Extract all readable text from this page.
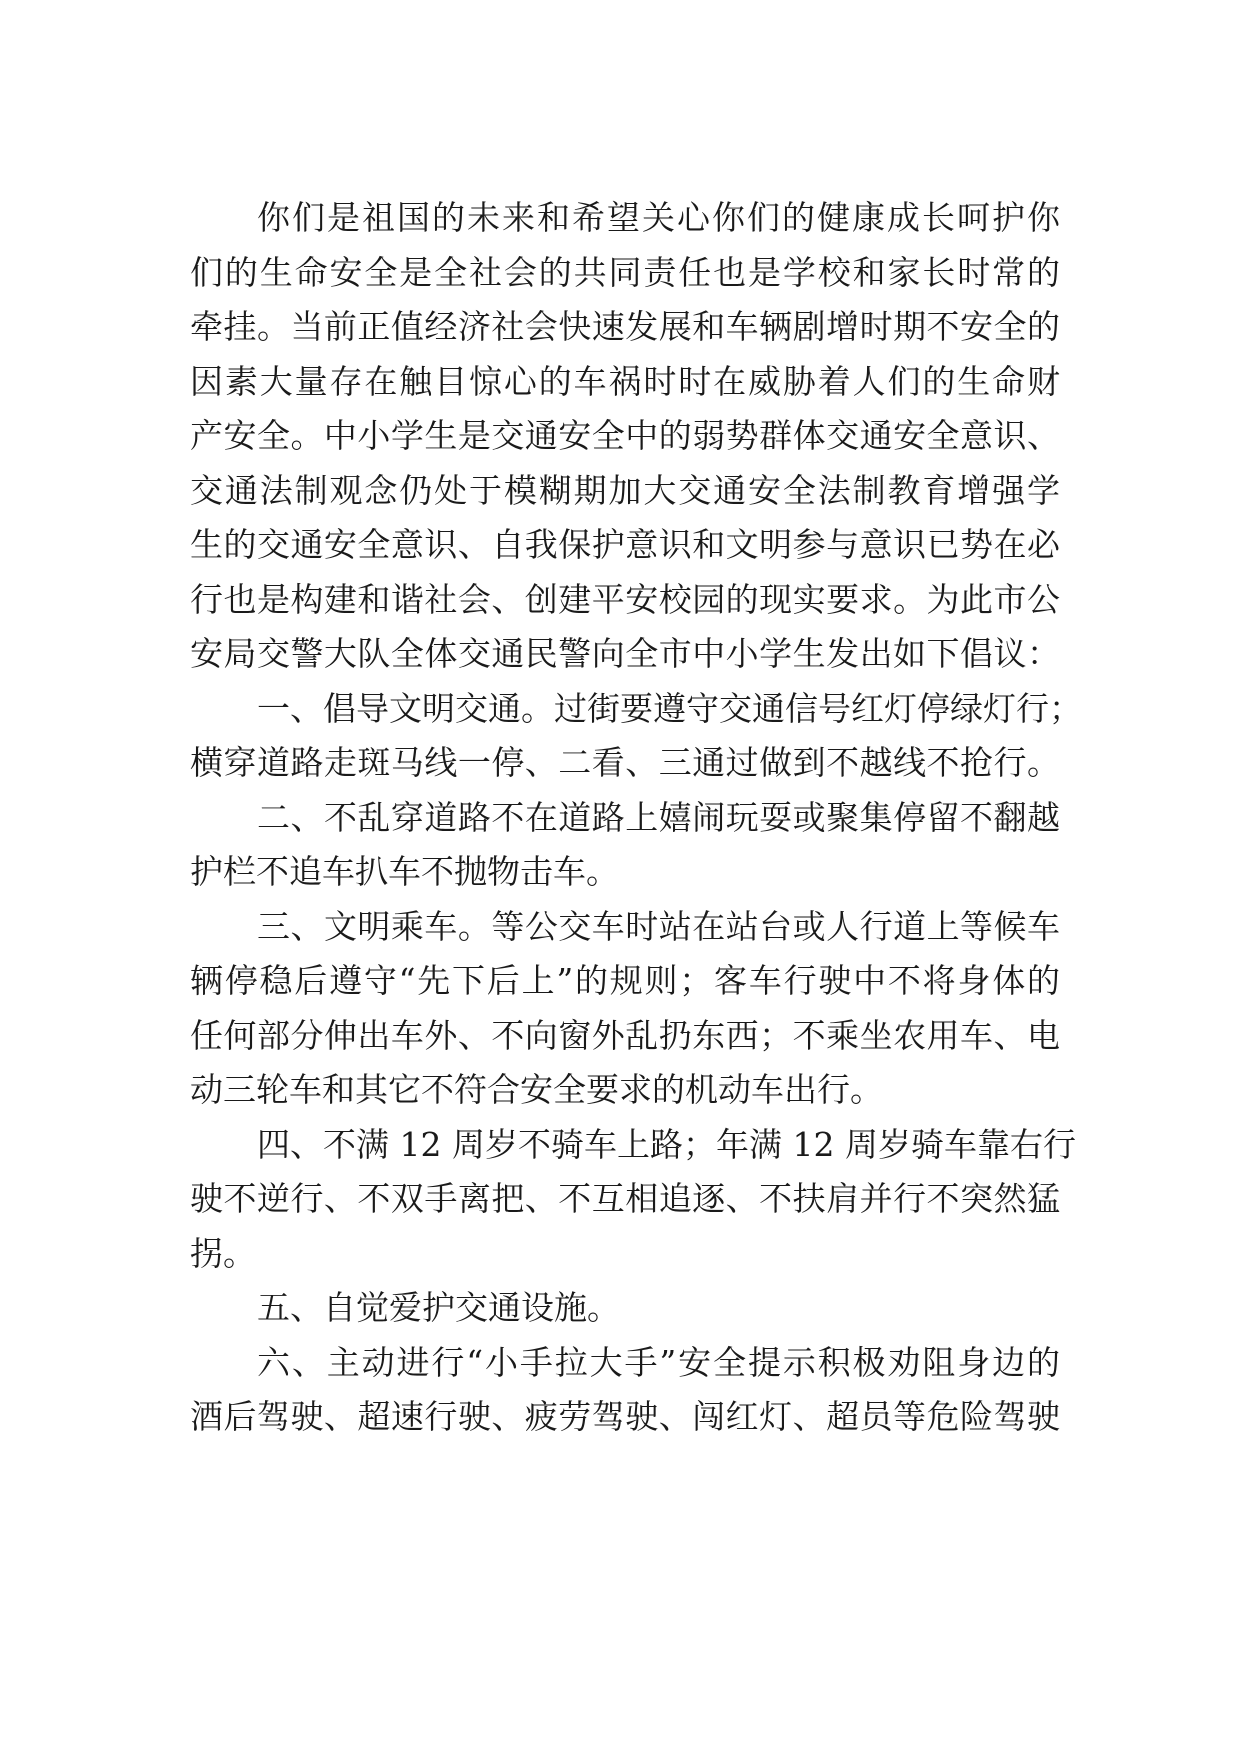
你们是祖国的未来和希望关心你们的健康成长呵护你
们的生命安全是全社会的共同责任也是学校和家长时常的
牵挂。当前正值经济社会快速发展和车辆剧增时期不安全的
因素大量存在触目惊心的车祸时时在威胁着人们的生命财
产安全。中小学生是交通安全中的弱势群体交通安全意识、
交通法制观念仍处于模糊期加大交通安全法制教育增强学
生的交通安全意识、自我保护意识和文明参与意识已势在必
行也是构建和谐社会、创建平安校园的现实要求。为此市公
安局交警大队全体交通民警向全市中小学生发出如下倡议：
一、倡导文明交通。过街要遵守交通信号红灯停绿灯行；
横穿道路走斑马线一停、二看、三通过做到不越线不抢行。
二、不乱穿道路不在道路上嬉闹玩耍或聚集停留不翻越
护栏不追车扒车不抛物击车。
三、文明乘车。等公交车时站在站台或人行道上等候车
辆停稳后遵守“先下后上”的规则；客车行驶中不将身体的
任何部分伸出车外、不向窗外乱扔东西；不乘坐农用车、电
动三轮车和其它不符合安全要求的机动车出行。
四、不满 12 周岁不骑车上路；年满 12 周岁骑车靠右行
驶不逆行、不双手离把、不互相追逐、不扶肩并行不突然猛
拐。
五、自觉爱护交通设施。
六、主动进行“小手拉大手”安全提示积极劝阻身边的
酒后驾驶、超速行驶、疲劳驾驶、闯红灯、超员等危险驾驶
